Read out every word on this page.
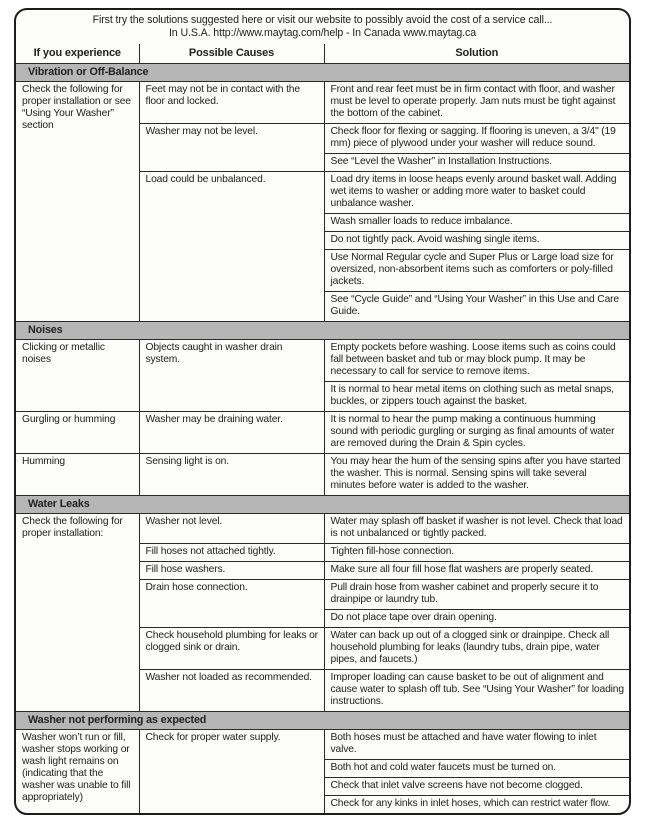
First try the solutions suggested here or visit our website to possibly avoid the cost of a service call...
In U.S.A. http://www.maytag.com/help - In Canada www.maytag.ca
If you experience	Possible Causes	Solution
Vibration or Off-Balance		
Check the following for proper installation or see “Using Your Washer” section	Feet may not be in contact with the floor and locked.	Front and rear feet must be in firm contact with floor, and washer must be level to operate properly. Jam nuts must be tight against the bottom of the cabinet.
	Washer may not be level.	Check floor for flexing or sagging. If flooring is uneven, a 3/4" (19 mm) piece of plywood under your washer will reduce sound.
		See “Level the Washer” in Installation Instructions.
	Load could be unbalanced.	Load dry items in loose heaps evenly around basket wall. Adding wet items to washer or adding more water to basket could unbalance washer.
		Wash smaller loads to reduce imbalance.
		Do not tightly pack. Avoid washing single items.
		Use Normal Regular cycle and Super Plus or Large load size for oversized, non-absorbent items such as comforters or poly-filled jackets.
		See “Cycle Guide” and “Using Your Washer” in this Use and Care Guide.
Noises		
Clicking or metallic noises	Objects caught in washer drain system.	Empty pockets before washing. Loose items such as coins could fall between basket and tub or may block pump. It may be necessary to call for service to remove items.
		It is normal to hear metal items on clothing such as metal snaps, buckles, or zippers touch against the basket.
Gurgling or humming	Washer may be draining water.	It is normal to hear the pump making a continuous humming sound with periodic gurgling or surging as final amounts of water are removed during the Drain & Spin cycles.
Humming	Sensing light is on.	You may hear the hum of the sensing spins after you have started the washer. This is normal. Sensing spins will take several minutes before water is added to the washer.
Water Leaks		
Check the following for proper installation:	Washer not level.	Water may splash off basket if washer is not level. Check that load is not unbalanced or tightly packed.
	Fill hoses not attached tightly.	Tighten fill-hose connection.
	Fill hose washers.	Make sure all four fill hose flat washers are properly seated.
	Drain hose connection.	Pull drain hose from washer cabinet and properly secure it to drainpipe or laundry tub.
		Do not place tape over drain opening.
	Check household plumbing for leaks or clogged sink or drain.	Water can back up out of a clogged sink or drainpipe. Check all household plumbing for leaks (laundry tubs, drain pipe, water pipes, and faucets.)
	Washer not loaded as recommended.	Improper loading can cause basket to be out of alignment and cause water to splash off tub. See “Using Your Washer” for loading instructions.
Washer not performing as expected		
Washer won’t run or fill, washer stops working or wash light remains on (indicating that the washer was unable to fill appropriately)	Check for proper water supply.	Both hoses must be attached and have water flowing to inlet valve.
		Both hot and cold water faucets must be turned on.
		Check that inlet valve screens have not become clogged.
		Check for any kinks in inlet hoses, which can restrict water flow.
